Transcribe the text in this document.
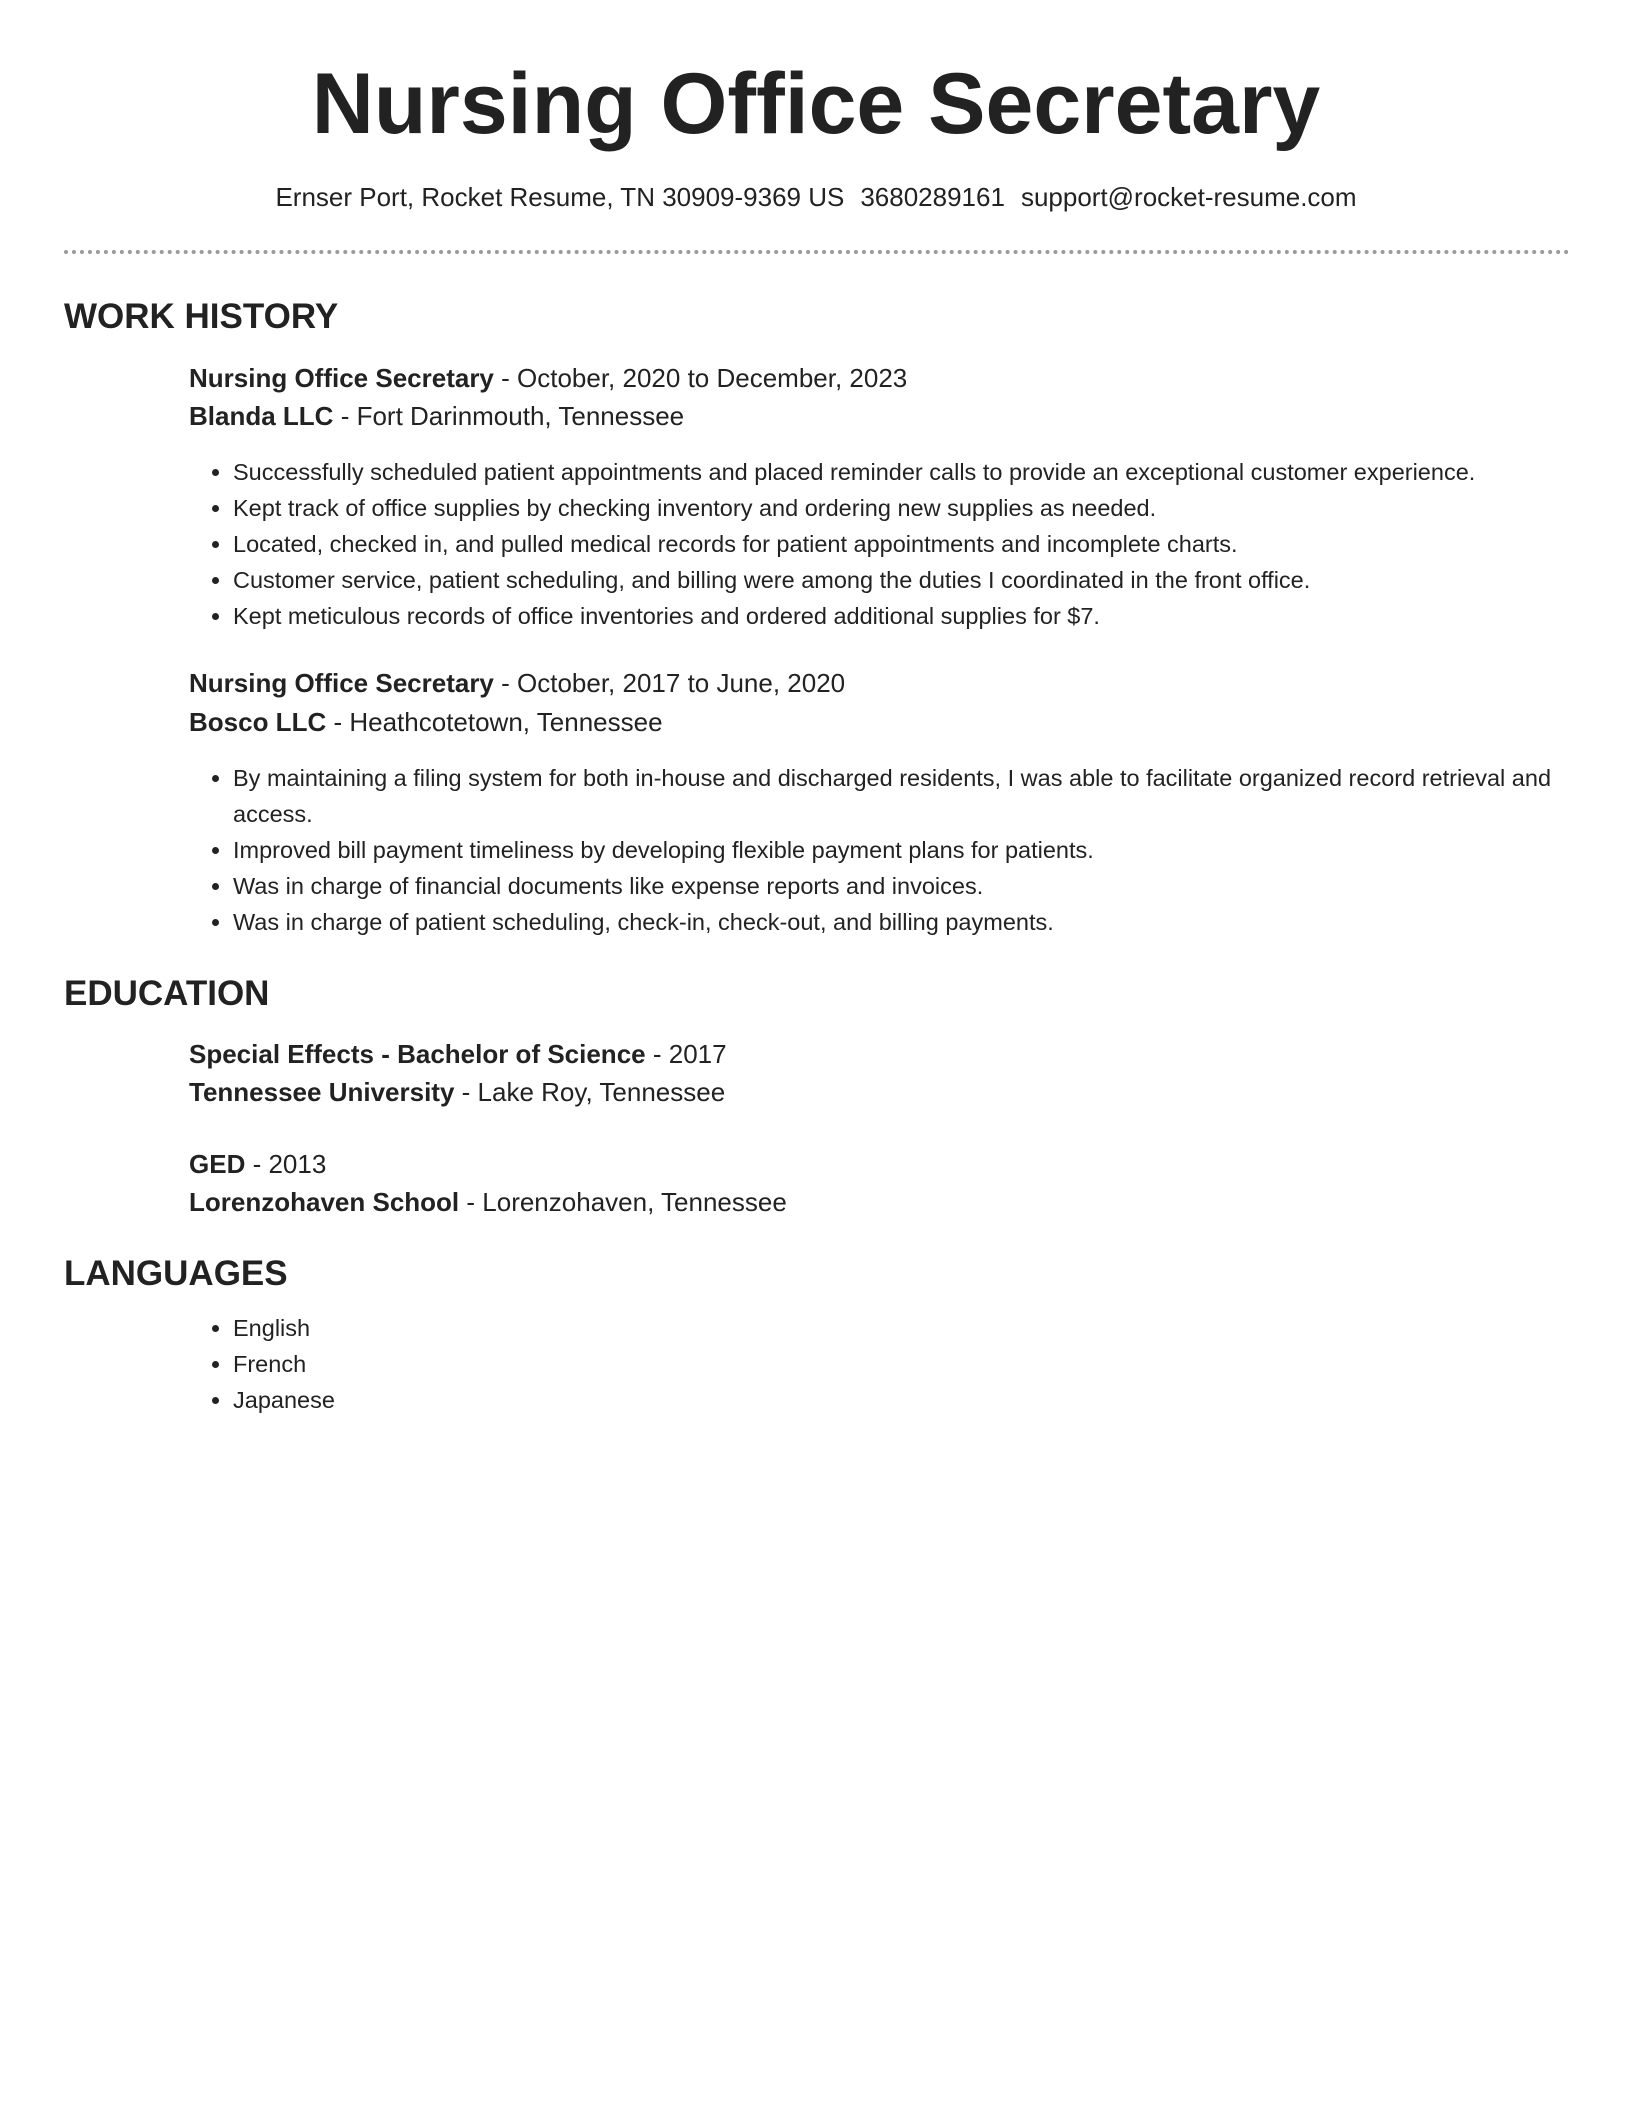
Nursing Office Secretary
Ernser Port, Rocket Resume, TN 30909-9369 US 3680289161 support@rocket-resume.com
WORK HISTORY
Nursing Office Secretary - October, 2020 to December, 2023
Blanda LLC - Fort Darinmouth, Tennessee
• Successfully scheduled patient appointments and placed reminder calls to provide an exceptional customer experience.
• Kept track of office supplies by checking inventory and ordering new supplies as needed.
• Located, checked in, and pulled medical records for patient appointments and incomplete charts.
• Customer service, patient scheduling, and billing were among the duties I coordinated in the front office.
• Kept meticulous records of office inventories and ordered additional supplies for $7.
Nursing Office Secretary - October, 2017 to June, 2020
Bosco LLC - Heathcotetown, Tennessee
• By maintaining a filing system for both in-house and discharged residents, I was able to facilitate organized record retrieval and access.
• Improved bill payment timeliness by developing flexible payment plans for patients.
• Was in charge of financial documents like expense reports and invoices.
• Was in charge of patient scheduling, check-in, check-out, and billing payments.
EDUCATION
Special Effects - Bachelor of Science - 2017
Tennessee University - Lake Roy, Tennessee
GED - 2013
Lorenzohaven School - Lorenzohaven, Tennessee
LANGUAGES
• English
• French
• Japanese
